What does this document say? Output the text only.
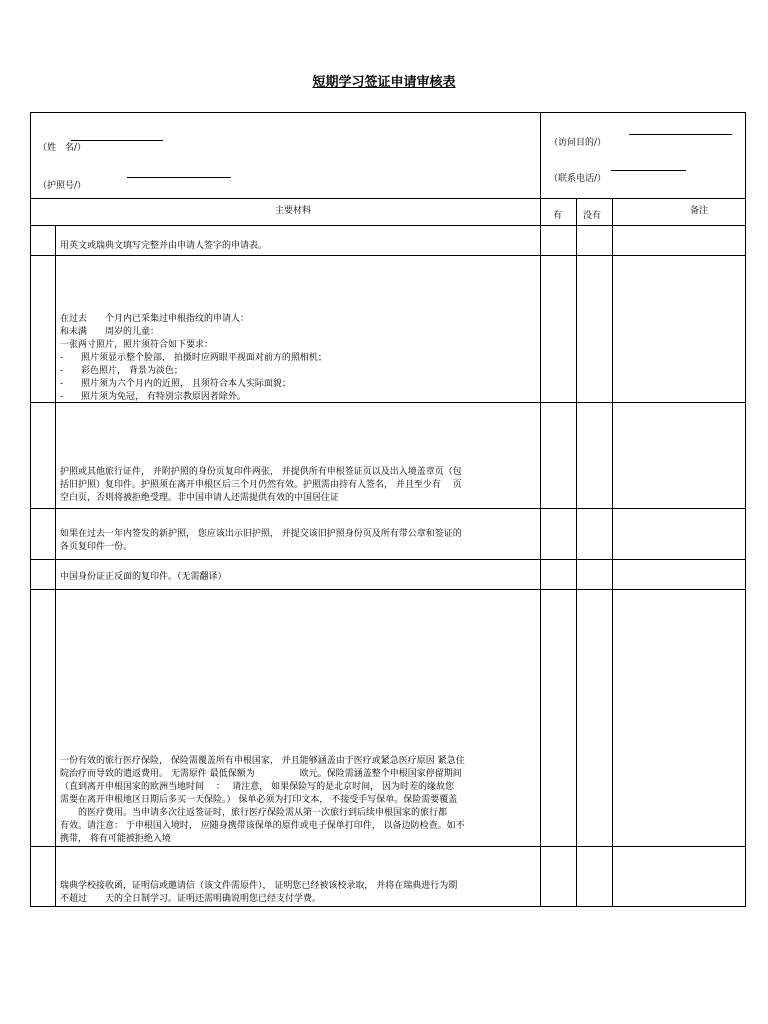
短期学习签证申请审核表
（姓　名/）
（护照号/）
（访问目的/）
（联系电话/）
主要材料	有 没有	备注
用英文或瑞典文填写完整并由申请人签字的申请表。
在过去　　个月内已采集过申根指纹的申请人：
和未满　　周岁的儿童：
一张两寸照片，照片须符合如下要求：
-　　照片须显示整个脸部， 拍摄时应两眼平视面对前方的照相机；
-　　彩色照片， 背景为淡色；
-　　照片须为六个月内的近照， 且须符合本人实际面貌；
-　　照片须为免冠， 有特别宗教原因者除外。
护照或其他旅行证件， 并附护照的身份页复印件两张， 并提供所有申根签证页以及出入境盖章页（包
括旧护照）复印件。护照须在离开申根区后三个月仍然有效。护照需由持有人签名， 并且至少有　 页
空白页，否则将被拒绝受理。非中国申请人还需提供有效的中国居住证
如果在过去一年内签发的新护照， 您应该出示旧护照， 并提交该旧护照身份页及所有带公章和签证的
各页复印件一份。
中国身份证正反面的复印件。（无需翻译）
一份有效的旅行医疗保险， 保险需覆盖所有申根国家， 并且能够涵盖由于医疗或紧急医疗原因 紧急住
院治疗而导致的遣返费用。 无需原件 最低保额为　　　　　欧元。保险需涵盖整个申根国家停留期间
（直到离开申根国家的欧洲当地时间　 ：　 请注意， 如果保险写的是北京时间， 因为时差的缘故您
需要在离开申根地区日期后多买一天保险。） 保单必须为打印文本， 不接受手写保单。保险需要覆盖
　　的医疗费用。当申请多次往返签证时，旅行医疗保险需从第一次旅行到后续申根国家的旅行都
有效。请注意： 于申根国入境时， 应随身携带该保单的原件或电子保单打印件， 以备边防检查。如不
携带， 将有可能被拒绝入境
瑞典学校接收函，证明信或邀请信（该文件需原件）， 证明您已经被该校录取， 并将在瑞典进行为期
不超过　　天的全日制学习。证明还需明确说明您已经支付学费。
